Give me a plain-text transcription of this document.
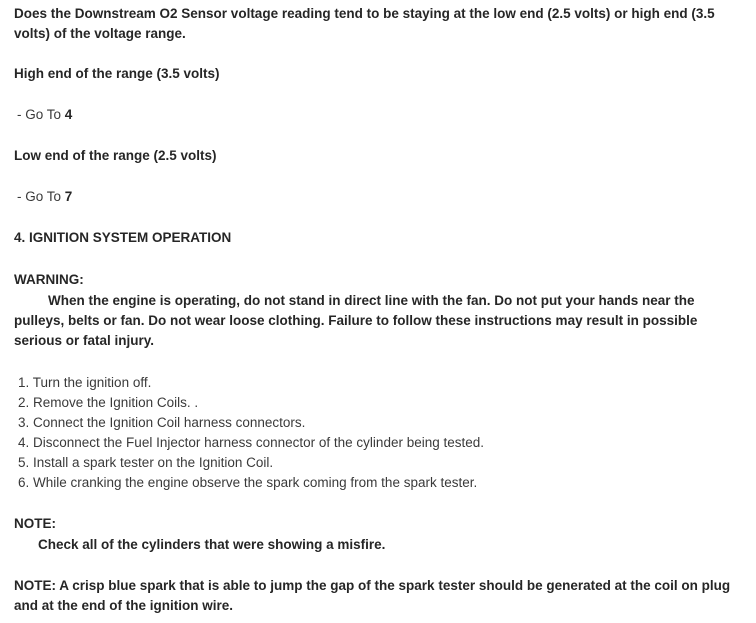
Does the Downstream O2 Sensor voltage reading tend to be staying at the low end (2.5 volts) or high end (3.5 volts) of the voltage range.
High end of the range (3.5 volts)
- Go To 4
Low end of the range (2.5 volts)
- Go To 7
4. IGNITION SYSTEM OPERATION
WARNING:
When the engine is operating, do not stand in direct line with the fan. Do not put your hands near the pulleys, belts or fan. Do not wear loose clothing. Failure to follow these instructions may result in possible serious or fatal injury.
1. Turn the ignition off.
2. Remove the Ignition Coils. .
3. Connect the Ignition Coil harness connectors.
4. Disconnect the Fuel Injector harness connector of the cylinder being tested.
5. Install a spark tester on the Ignition Coil.
6. While cranking the engine observe the spark coming from the spark tester.
NOTE:
Check all of the cylinders that were showing a misfire.
NOTE: A crisp blue spark that is able to jump the gap of the spark tester should be generated at the coil on plug and at the end of the ignition wire.
